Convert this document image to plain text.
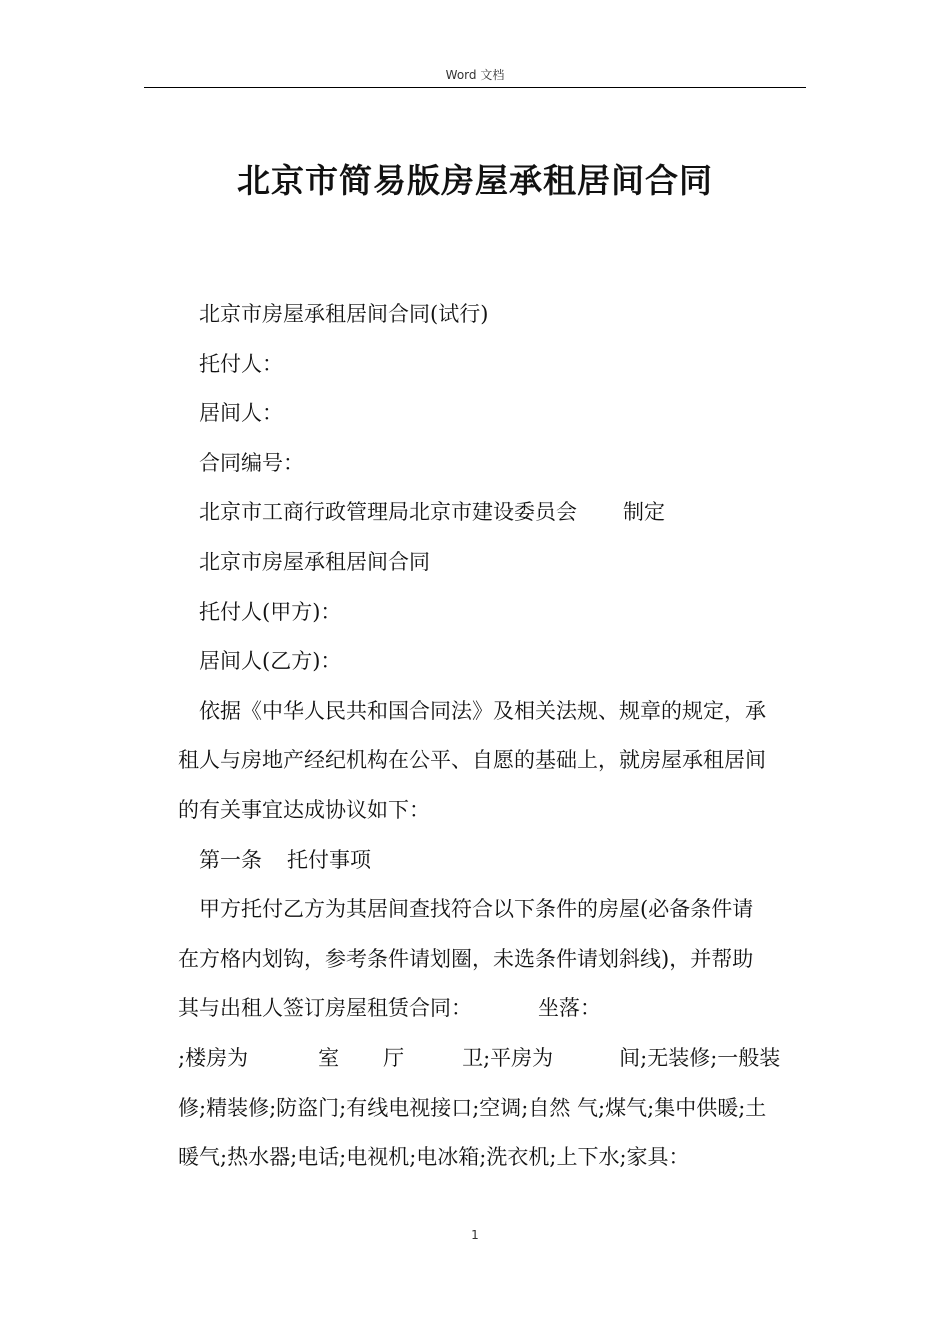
Word 文档
北京市简易版房屋承租居间合同

北京市房屋承租居间合同(试行)

托付人：

居间人：

合同编号：

北京市工商行政管理局北京市建设委员会 制定

北京市房屋承租居间合同

托付人(甲方)：

居间人(乙方)：

依据《中华人民共和国合同法》及相关法规、规章的规定，承

租人与房地产经纪机构在公平、自愿的基础上，就房屋承租居间

的有关事宜达成协议如下：

第一条 托付事项

甲方托付乙方为其居间查找符合以下条件的房屋(必备条件请

在方格内划钩，参考条件请划圈，未选条件请划斜线)，并帮助

其与出租人签订房屋租赁合同：	坐落：

;楼房为	室 厅	卫;平房为	间;无装修;一般装

修;精装修;防盗门;有线电视接口;空调;自然 气;煤气;集中供暖;土

暖气;热水器;电话;电视机;电冰箱;洗衣机;上下水;家具：

1
